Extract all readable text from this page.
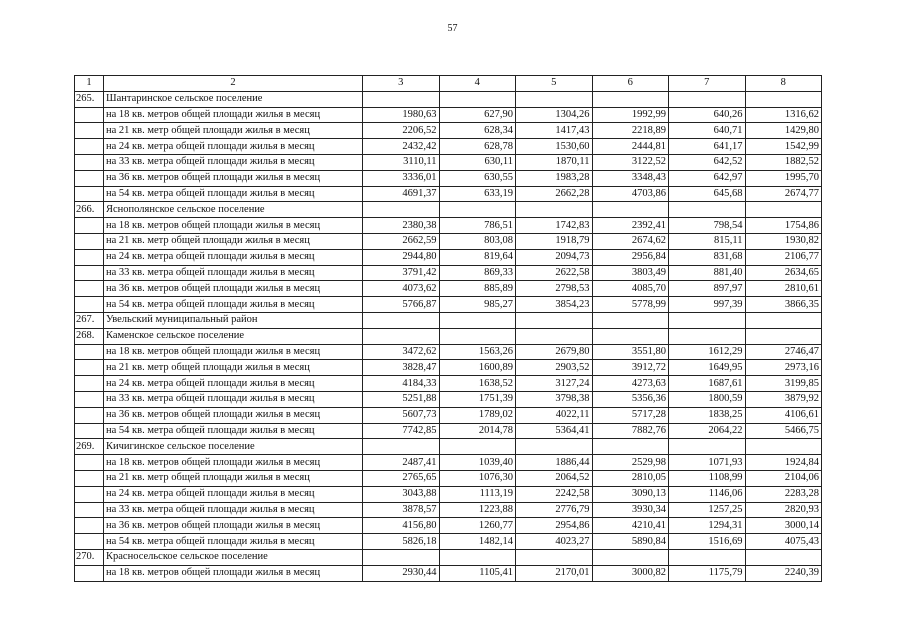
57
1	2	3	4	5	6	7	8
265.	Шантаринское сельское поселение						
	на 18 кв. метров общей площади жилья в месяц	1980,63	627,90	1304,26	1992,99	640,26	1316,62
	на 21 кв. метр общей площади жилья в месяц	2206,52	628,34	1417,43	2218,89	640,71	1429,80
	на 24 кв. метра общей площади жилья в месяц	2432,42	628,78	1530,60	2444,81	641,17	1542,99
	на 33 кв. метра общей площади жилья в месяц	3110,11	630,11	1870,11	3122,52	642,52	1882,52
	на 36 кв. метров общей площади жилья в месяц	3336,01	630,55	1983,28	3348,43	642,97	1995,70
	на 54 кв. метра общей площади жилья в месяц	4691,37	633,19	2662,28	4703,86	645,68	2674,77
266.	Яснополянское сельское поселение						
	на 18 кв. метров общей площади жилья в месяц	2380,38	786,51	1742,83	2392,41	798,54	1754,86
	на 21 кв. метр общей площади жилья в месяц	2662,59	803,08	1918,79	2674,62	815,11	1930,82
	на 24 кв. метра общей площади жилья в месяц	2944,80	819,64	2094,73	2956,84	831,68	2106,77
	на 33 кв. метра общей площади жилья в месяц	3791,42	869,33	2622,58	3803,49	881,40	2634,65
	на 36 кв. метров общей площади жилья в месяц	4073,62	885,89	2798,53	4085,70	897,97	2810,61
	на 54 кв. метра общей площади жилья в месяц	5766,87	985,27	3854,23	5778,99	997,39	3866,35
267.	Увельский муниципальный район						
268.	Каменское сельское поселение						
	на 18 кв. метров общей площади жилья в месяц	3472,62	1563,26	2679,80	3551,80	1612,29	2746,47
	на 21 кв. метр общей площади жилья в месяц	3828,47	1600,89	2903,52	3912,72	1649,95	2973,16
	на 24 кв. метра общей площади жилья в месяц	4184,33	1638,52	3127,24	4273,63	1687,61	3199,85
	на 33 кв. метра общей площади жилья в месяц	5251,88	1751,39	3798,38	5356,36	1800,59	3879,92
	на 36 кв. метров общей площади жилья в месяц	5607,73	1789,02	4022,11	5717,28	1838,25	4106,61
	на 54 кв. метра общей площади жилья в месяц	7742,85	2014,78	5364,41	7882,76	2064,22	5466,75
269.	Кичигинское сельское поселение						
	на 18 кв. метров общей площади жилья в месяц	2487,41	1039,40	1886,44	2529,98	1071,93	1924,84
	на 21 кв. метр общей площади жилья в месяц	2765,65	1076,30	2064,52	2810,05	1108,99	2104,06
	на 24 кв. метра общей площади жилья в месяц	3043,88	1113,19	2242,58	3090,13	1146,06	2283,28
	на 33 кв. метра общей площади жилья в месяц	3878,57	1223,88	2776,79	3930,34	1257,25	2820,93
	на 36 кв. метров общей площади жилья в месяц	4156,80	1260,77	2954,86	4210,41	1294,31	3000,14
	на 54 кв. метра общей площади жилья в месяц	5826,18	1482,14	4023,27	5890,84	1516,69	4075,43
270.	Красносельское сельское поселение						
	на 18 кв. метров общей площади жилья в месяц	2930,44	1105,41	2170,01	3000,82	1175,79	2240,39
